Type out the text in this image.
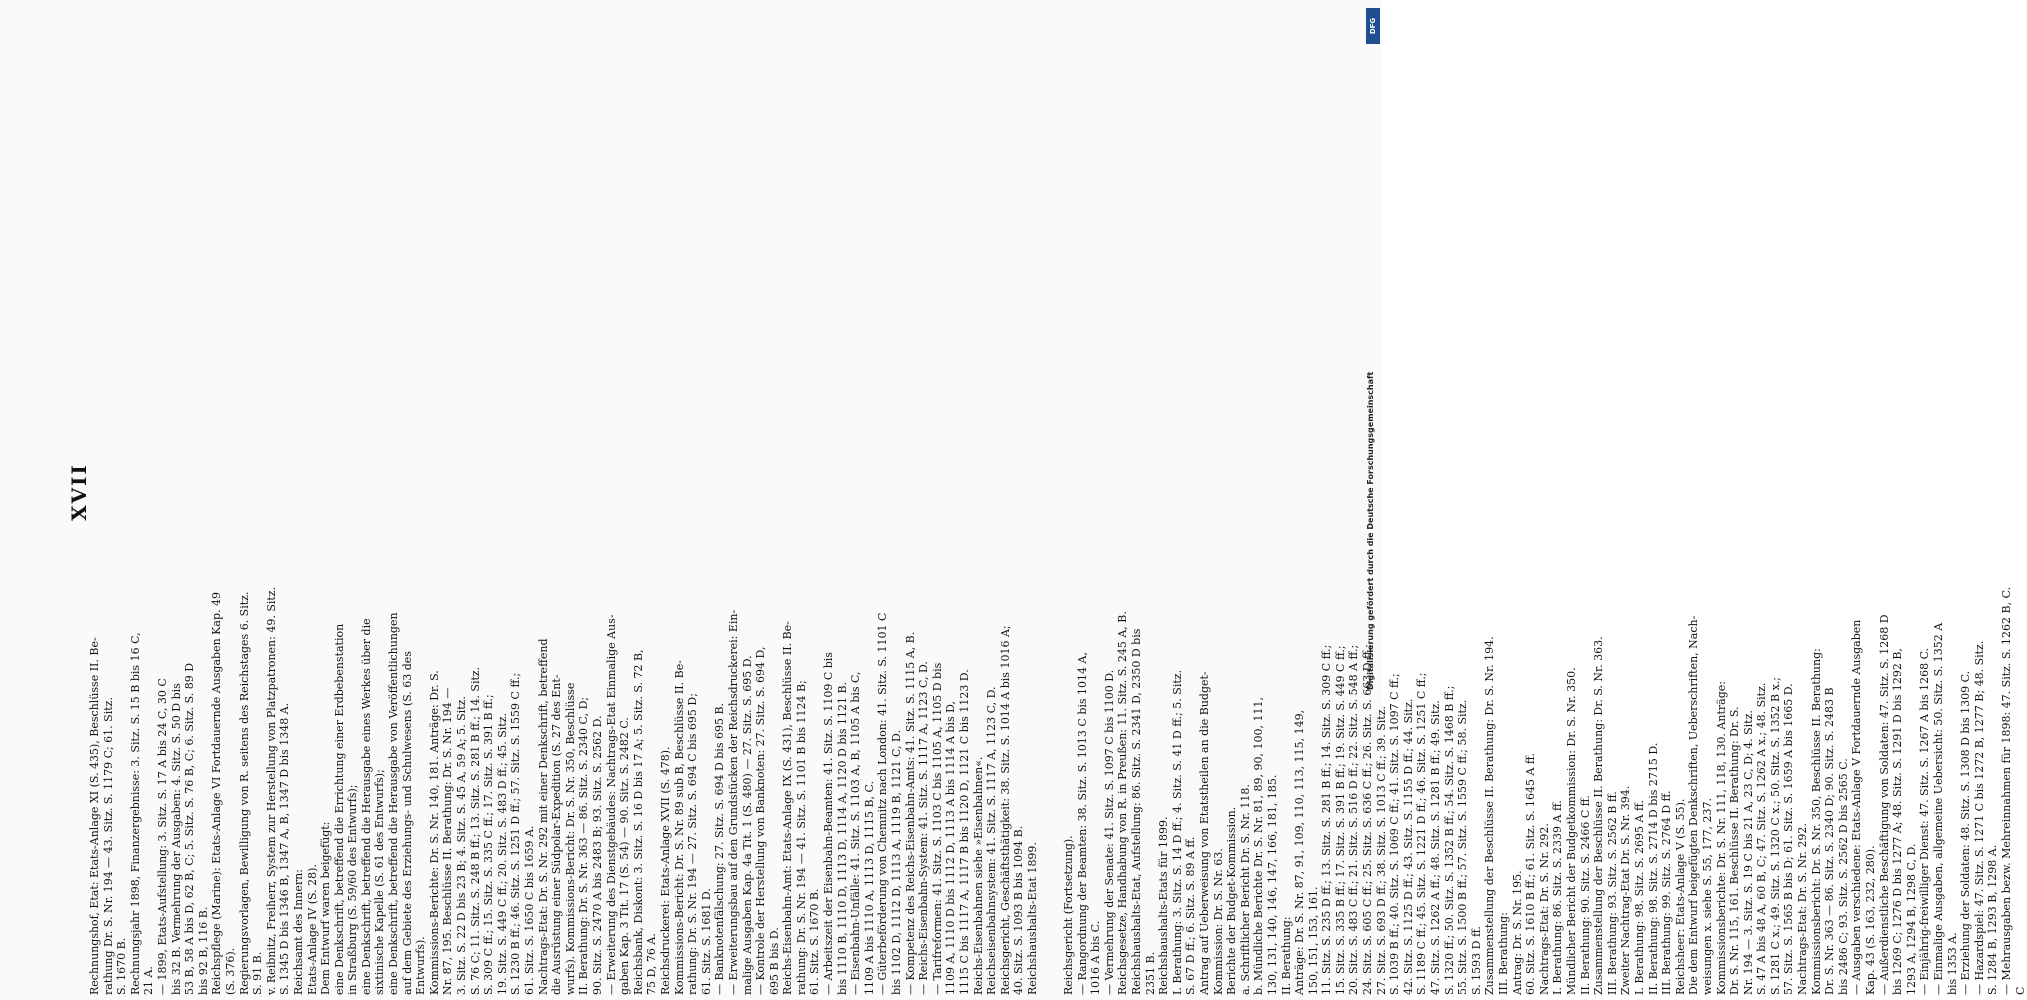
XVII
Rechnungshof, Etat: Etats-Anlage XI (S. 435), Beschlüsse II. Be- rathung Dr. S. Nr. 194 — 43. Sitz. S. 1179 C; 61. Sitz. S. 1670 B. Rechnungsjahr 1898, Finanzergebnisse: 3. Sitz. S. 15 B bis 16 C, 21 A. — 1899, Etats-Aufstellung: 3. Sitz. S. 17 A bis 24 C, 30 C bis 32 B. Vermehrung der Ausgaben: 4. Sitz. S. 50 D bis 53 B, 58 A bis D, 62 B, C; 5. Sitz. S. 76 B, C; 6. Sitz. S. 89 D bis 92 B, 116 B. Reichspflege (Marine): Etats-Anlage VI Fortdauernde Ausgaben Kap. 49 (S. 376). Regierungsvorlagen, Bewilligung von R. seitens des Reichstages 6. Sitz. S. 91 B. v. Reibnitz, Freiherr, System zur Herstellung von Platzpatronen: 49. Sitz. S. 1345 D bis 1346 B, 1347 A, B, 1347 D bis 1348 A. Reichsamt des Innern: Etats-Anlage IV (S. 28). Dem Entwurf waren beigefügt: eine Denkschrift, betreffend die Errichtung einer Erdbebenstation in Straßburg (S. 59/60 des Entwurfs); eine Denkschrift, betreffend die Herausgabe eines Werkes über die sixtinische Kapelle (S. 61 des Entwurfs); eine Denkschrift, betreffend die Herausgabe von Veröffentlichungen auf dem Gebiete des Erziehungs- und Schulwesens (S. 63 des Entwurfs). Kommissions-Berichte: Dr. S. Nr. 140, 181. Anträge: Dr. S. Nr. 87, 195. Beschlüsse II. Berathung: Dr. S. Nr. 194 — 3. Sitz. S. 22 D bis 23 B; 4. Sitz. S. 45 A, 59 A; 5. Sitz. S. 76 C; 11. Sitz. S. 248 B ff.; 13. Sitz. S. 281 B ff.; 14. Sitz. S. 309 C ff.; 15. Sitz. S. 335 C ff.; 17. Sitz. S. 391 B ff.; 19. Sitz. S. 449 C ff.; 20. Sitz. S. 483 D ff.; 45. Sitz. S. 1230 B ff.; 46. Sitz. S. 1251 D ff.; 57. Sitz. S. 1559 C ff.; 61. Sitz. S. 1650 C bis 1659 A. Nachtrags-Etat: Dr. S. Nr. 292 mit einer Denkschrift, betreffend die Ausrüstung einer Südpolar-Expedition (S. 27 des Ent- wurfs). Kommissions-Bericht: Dr. S. Nr. 350, Beschlüsse II. Berathung: Dr. S. Nr. 363 — 86. Sitz. S. 2340 C, D; 90. Sitz. S. 2470 A bis 2483 B; 93. Sitz. S. 2562 D. — Erweiterung des Dienstgebäudes: Nachtrags-Etat Einmalige Aus- gaben Kap. 3 Tit. 17 (S. 54) — 90. Sitz. S. 2482 C. Reichsbank, Diskont: 3. Sitz. S. 16 D bis 17 A; 5. Sitz. S. 72 B, 75 D, 76 A. Reichsdruckerei: Etats-Anlage XVII (S. 478). Kommissions-Bericht: Dr. S. Nr. 89 sub B, Beschlüsse II. Be- rathung: Dr. S. Nr. 194 — 27. Sitz. S. 694 C bis 695 D; 61. Sitz. S. 1681 D. — Banknotenfälschung: 27. Sitz. S. 694 D bis 695 B. — Erweiterungsbau auf den Grundstücken der Reichsdruckerei: Ein- malige Ausgaben Kap. 4a Tit. 1 (S. 480) — 27. Sitz. S. 695 D. — Kontrole der Herstellung von Banknoten: 27. Sitz. S. 694 D, 695 B bis D. Reichs-Eisenbahn-Amt: Etats-Anlage IX (S. 431), Beschlüsse II. Be- rathung: Dr. S. Nr. 194 — 41. Sitz. S. 1101 B bis 1124 B; 61. Sitz. S. 1670 B. — Arbeitszeit der Eisenbahn-Beamten: 41. Sitz. S. 1109 C bis bis 1110 B, 1110 D, 1113 D, 1114 A, 1120 D bis 1121 B. — Eisenbahn-Unfälle: 41. Sitz. S. 1103 A, B, 1105 A bis C, 1109 A bis 1110 A, 1113 D, 1115 B, C. — Güterbeförderung von Chemnitz nach London: 41. Sitz. S. 1101 C bis 1102 D, 1112 D, 1113 A, 1119 B, 1121 C, D. — Kompetenz des Reichs-Eisenbahn-Amts: 41. Sitz. S. 1115 A, B. — Reichs-Eisenbahn-System: 41. Sitz. S. 1117 A, 1123 C, D. — Tarifreformen: 41. Sitz. S. 1103 C bis 1105 A, 1105 D bis 1109 A, 1110 D bis 1112 D, 1113 A bis 1114 A bis D, 1115 C bis 1117 A, 1117 B bis 1120 D, 1121 C bis 1123 D. Reichs-Eisenbahnen siehe »Eisenbahnen«. Reichseisenbahnsystem: 41. Sitz. S. 1117 A, 1123 C, D. Reichsgericht, Geschäftsthätigkeit: 38. Sitz. S. 1014 A bis 1016 A; 40. Sitz. S. 1093 B bis 1094 B. Reichshaushalts-Etat 1899. Reichsgericht (Fortsetzung). — Rangordnung der Beamten: 38. Sitz. S. 1013 C bis 1014 A, 1016 A bis C. — Vermehrung der Senate: 41. Sitz. S. 1097 C bis 1100 D. Reichsgesetze, Handhabung von R. in Preußen: 11. Sitz. S. 245 A, B. Reichshaushalts-Etat, Aufstellung: 86. Sitz. S. 2341 D, 2350 D bis 2351 B. Reichshaushalts-Etats für 1899. I. Berathung: 3. Sitz. S. 14 D ff.; 4. Sitz. S. 41 D ff.; 5. Sitz. S. 67 D ff.; 6. Sitz. S. 89 A ff. Antrag auf Ueberweisung von Etatstheilen an die Budget- Kommission: Dr. S. Nr. 63. Berichte der Budget-Kommission. a. Schriftlicher Bericht Dr. S. Nr. 118. b. Mündliche Berichte Dr. S. Nr. 81, 89, 90, 100, 111, 130, 131, 140, 146, 147, 166, 181, 185. II. Berathung: Anträge: Dr. S. Nr. 87, 91, 109, 110, 113, 115, 149, 150, 151, 153, 161. 11. Sitz. S. 235 D ff.; 13. Sitz. S. 281 B ff.; 14. Sitz. S. 309 C ff.; 15. Sitz. S. 335 B ff.; 17. Sitz. S. 391 B ff.; 19. Sitz. S. 449 C ff.; 20. Sitz. S. 483 C ff.; 21. Sitz. S. 516 D ff.; 22. Sitz. S. 548 A ff.; 24. Sitz. S. 605 C ff.; 25. Sitz. S. 636 C ff.; 26. Sitz. S. 663 D ff.; 27. Sitz. S. 693 D ff.; 38. Sitz. S. 1013 C ff.; 39. Sitz. S. 1039 B ff.; 40. Sitz. S. 1069 C ff.; 41. Sitz. S. 1097 C ff.; 42. Sitz. S. 1125 D ff.; 43. Sitz. S. 1155 D ff.; 44. Sitz. S. 1189 C ff.; 45. Sitz. S. 1221 D ff.; 46. Sitz. S. 1251 C ff.; 47. Sitz. S. 1262 A ff.; 48. Sitz. S. 1281 B ff.; 49. Sitz. S. 1320 ff.; 50. Sitz. S. 1352 B ff.; 54. Sitz. S. 1468 B ff.; 55. Sitz. S. 1500 B ff.; 57. Sitz. S. 1559 C ff.; 58. Sitz. S. 1593 D ff. Zusammenstellung der Beschlüsse II. Berathung: Dr. S. Nr. 194. III. Berathung: Antrag: Dr. S. Nr. 195. 60. Sitz. S. 1610 B ff.; 61. Sitz. S. 1645 A ff. Nachtrags-Etat: Dr. S. Nr. 292. I. Berathung: 86. Sitz. S. 2339 A ff. Mündlicher Bericht der Budgetkommission: Dr. S. Nr. 350. II. Berathung: 90. Sitz. S. 2466 C ff. Zusammenstellung der Beschlüsse II. Berathung: Dr. S. Nr. 363. III. Berathung: 93. Sitz. S. 2562 B ff. Zweiter Nachtrag-Etat Dr. S. Nr. 394. I. Berathung: 98. Sitz. S. 2695 A ff. II. Berathung: 98. Sitz. S. 2714 D bis 2715 D. III. Berathung: 99. Sitz. S. 2764 D ff. Reichsheer: Etats-Anlage V (S. 55). Die dem Entwurf beigefügten Denkschriften, Ueberschriften, Nach- weisungen x. siehe S. 55, 177, 237. Kommissionsberichte: Dr. S. Nr. 111, 118, 130. Anträge: Dr. S. Nr. 115, 161. Beschlüsse II. Berathung: Dr. S. Nr. 194 — 3. Sitz. S. 19 C bis 21 A, 23 C, D; 4. Sitz. S. 47 A bis 48 A, 60 B, C; 47. Sitz. S. 1262 A x.; 48. Sitz. S. 1281 C x.; 49. Sitz. S. 1320 C x.; 50. Sitz. S. 1352 B x.; 57. Sitz. S. 1565 B bis D; 61. Sitz. S. 1659 A bis 1665 D. Nachtrags-Etat: Dr. S. Nr. 292. Kommissionsbericht: Dr. S. Nr. 350, Beschlüsse II. Berathung: Dr. S. Nr. 363 — 86. Sitz. S. 2340 D; 90. Sitz. S. 2483 B bis 2486 C; 93. Sitz. S. 2562 D bis 2565 C. — Ausgaben verschiedene: Etats-Anlage V Fortdauernde Ausgaben Kap. 43 (S. 163, 232, 280). — Außerdienstliche Beschäftigung von Soldaten: 47. Sitz. S. 1268 D bis 1269 C; 1276 D bis 1277 A; 48. Sitz. S. 1291 D bis 1292 B, 1293 A, 1294 B, 1298 C, D. — Einjährig-freiwilliger Dienst: 47. Sitz. S. 1267 A bis 1268 C. — Einmalige Ausgaben, allgemeine Uebersicht: 50. Sitz. S. 1352 A bis 1353 A. — Erziehung der Soldaten: 48. Sitz. S. 1308 D bis 1309 C. — Hazardspiel: 47. Sitz. S. 1271 C bis 1272 B, 1277 B; 48. Sitz. S. 1284 B, 1293 B, 1298 A. — Mehrausgaben bezw. Mehreinnahmen für 1898: 47. Sitz. S. 1262 B, C. C
Digitalisierung gefördert durch die Deutsche Forschungsgemeinschaft
DFG
